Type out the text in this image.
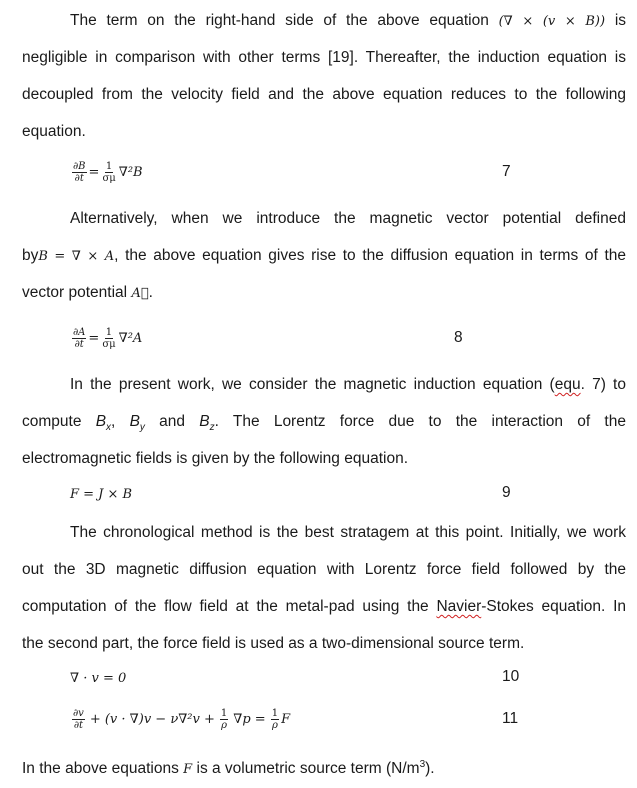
The term on the right-hand side of the above equation (∇ × (v × B)) is
negligible in comparison with other terms [19]. Thereafter, the induction equation is
decoupled from the velocity field and the above equation reduces to the following
equation.
$\frac{\partial B}{\partial t} = \frac{1}{\sigma\mu} \nabla^2B$	7
Alternatively, when we introduce the magnetic vector potential defined
byB = ∇ × A, the above equation gives rise to the diffusion equation in terms of the
vector potential A⃗.
$\frac{\partial A}{\partial t} = \frac{1}{\sigma\mu} \nabla^2A$	8
In the present work, we consider the magnetic induction equation (equ. 7) to
compute $B_x$, $B_y$ and $B_z$. The Lorentz force due to the interaction of the
electromagnetic fields is given by the following equation.
F = J × B	9
The chronological method is the best stratagem at this point. Initially, we work
out the 3D magnetic diffusion equation with Lorentz force field followed by the
computation of the flow field at the metal-pad using the Navier-Stokes equation. In
the second part, the force field is used as a two-dimensional source term.
∇ · v = 0	10
$\frac{\partial v}{\partial t} + (v \cdot \nabla)v - \nu\nabla^2v + \frac{1}{\rho} \nabla p = \frac{1}{\rho}$ F	11
In the above equations F is a volumetric source term $(N/m^3)$.
